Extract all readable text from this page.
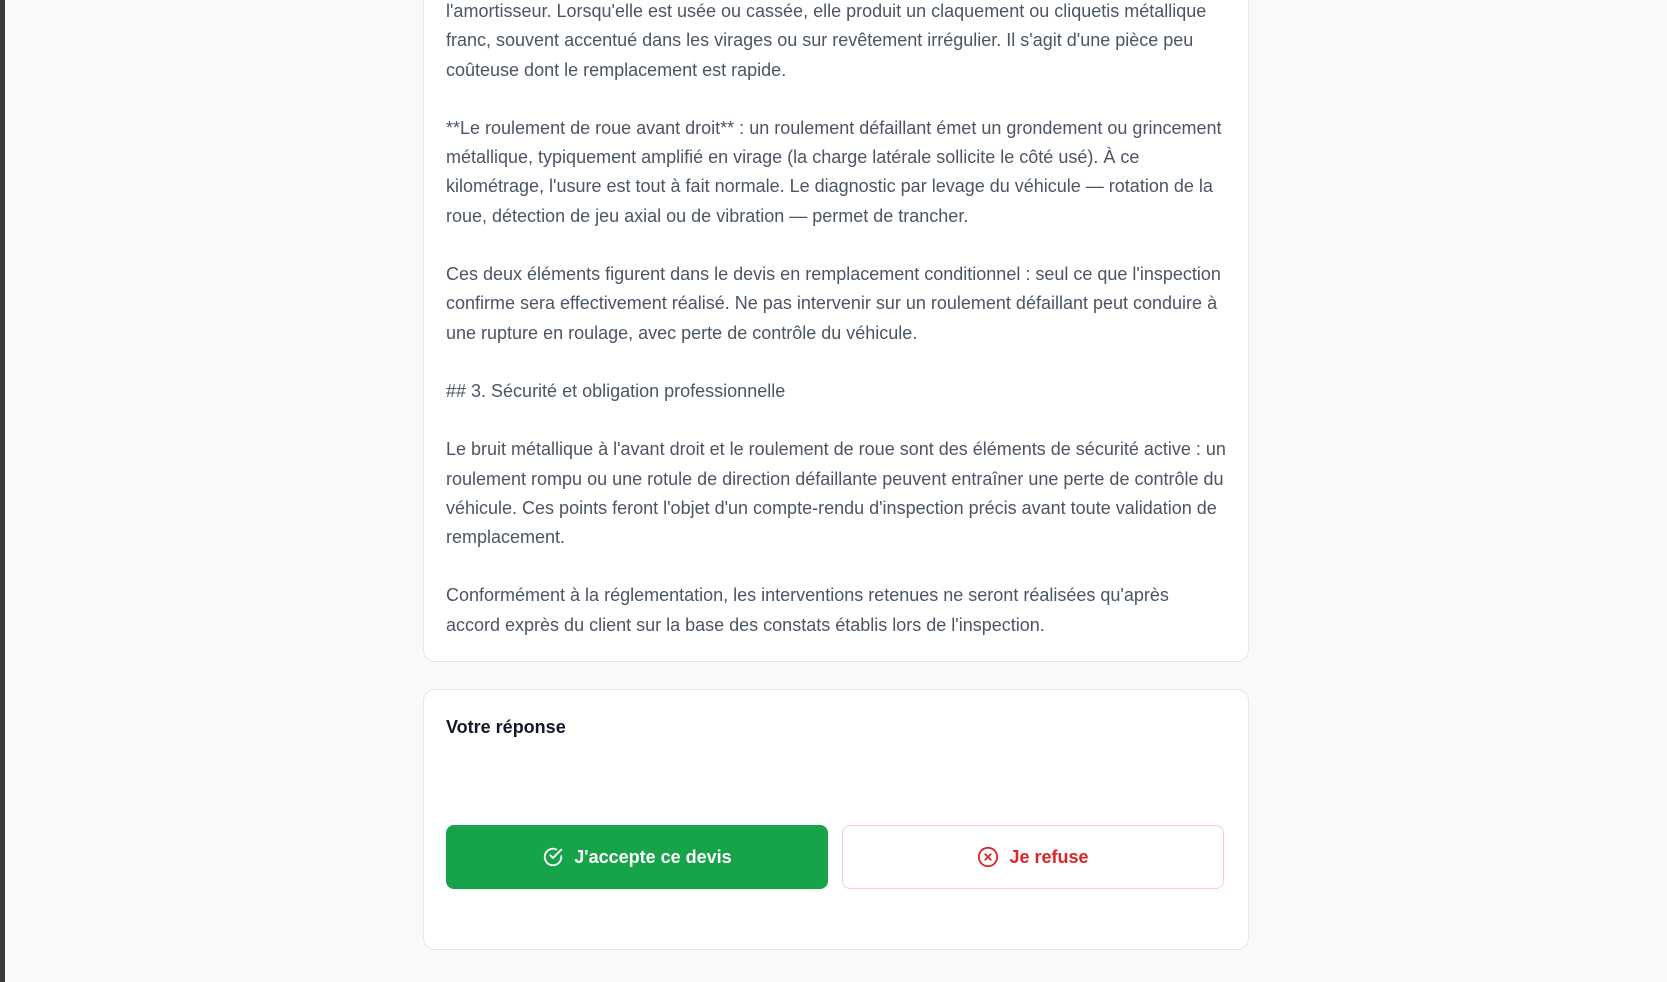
l'amortisseur. Lorsqu'elle est usée ou cassée, elle produit un claquement ou cliquetis métallique franc, souvent accentué dans les virages ou sur revêtement irrégulier. Il s'agit d'une pièce peu coûteuse dont le remplacement est rapide.

**Le roulement de roue avant droit** : un roulement défaillant émet un grondement ou grincement métallique, typiquement amplifié en virage (la charge latérale sollicite le côté usé). À ce kilométrage, l'usure est tout à fait normale. Le diagnostic par levage du véhicule — rotation de la roue, détection de jeu axial ou de vibration — permet de trancher.

Ces deux éléments figurent dans le devis en remplacement conditionnel : seul ce que l'inspection confirme sera effectivement réalisé. Ne pas intervenir sur un roulement défaillant peut conduire à une rupture en roulage, avec perte de contrôle du véhicule.

## 3. Sécurité et obligation professionnelle

Le bruit métallique à l'avant droit et le roulement de roue sont des éléments de sécurité active : un roulement rompu ou une rotule de direction défaillante peuvent entraîner une perte de contrôle du véhicule. Ces points feront l'objet d'un compte-rendu d'inspection précis avant toute validation de remplacement.

Conformément à la réglementation, les interventions retenues ne seront réalisées qu'après accord exprès du client sur la base des constats établis lors de l'inspection.

Votre réponse
J'accepte ce devis	Je refuse
